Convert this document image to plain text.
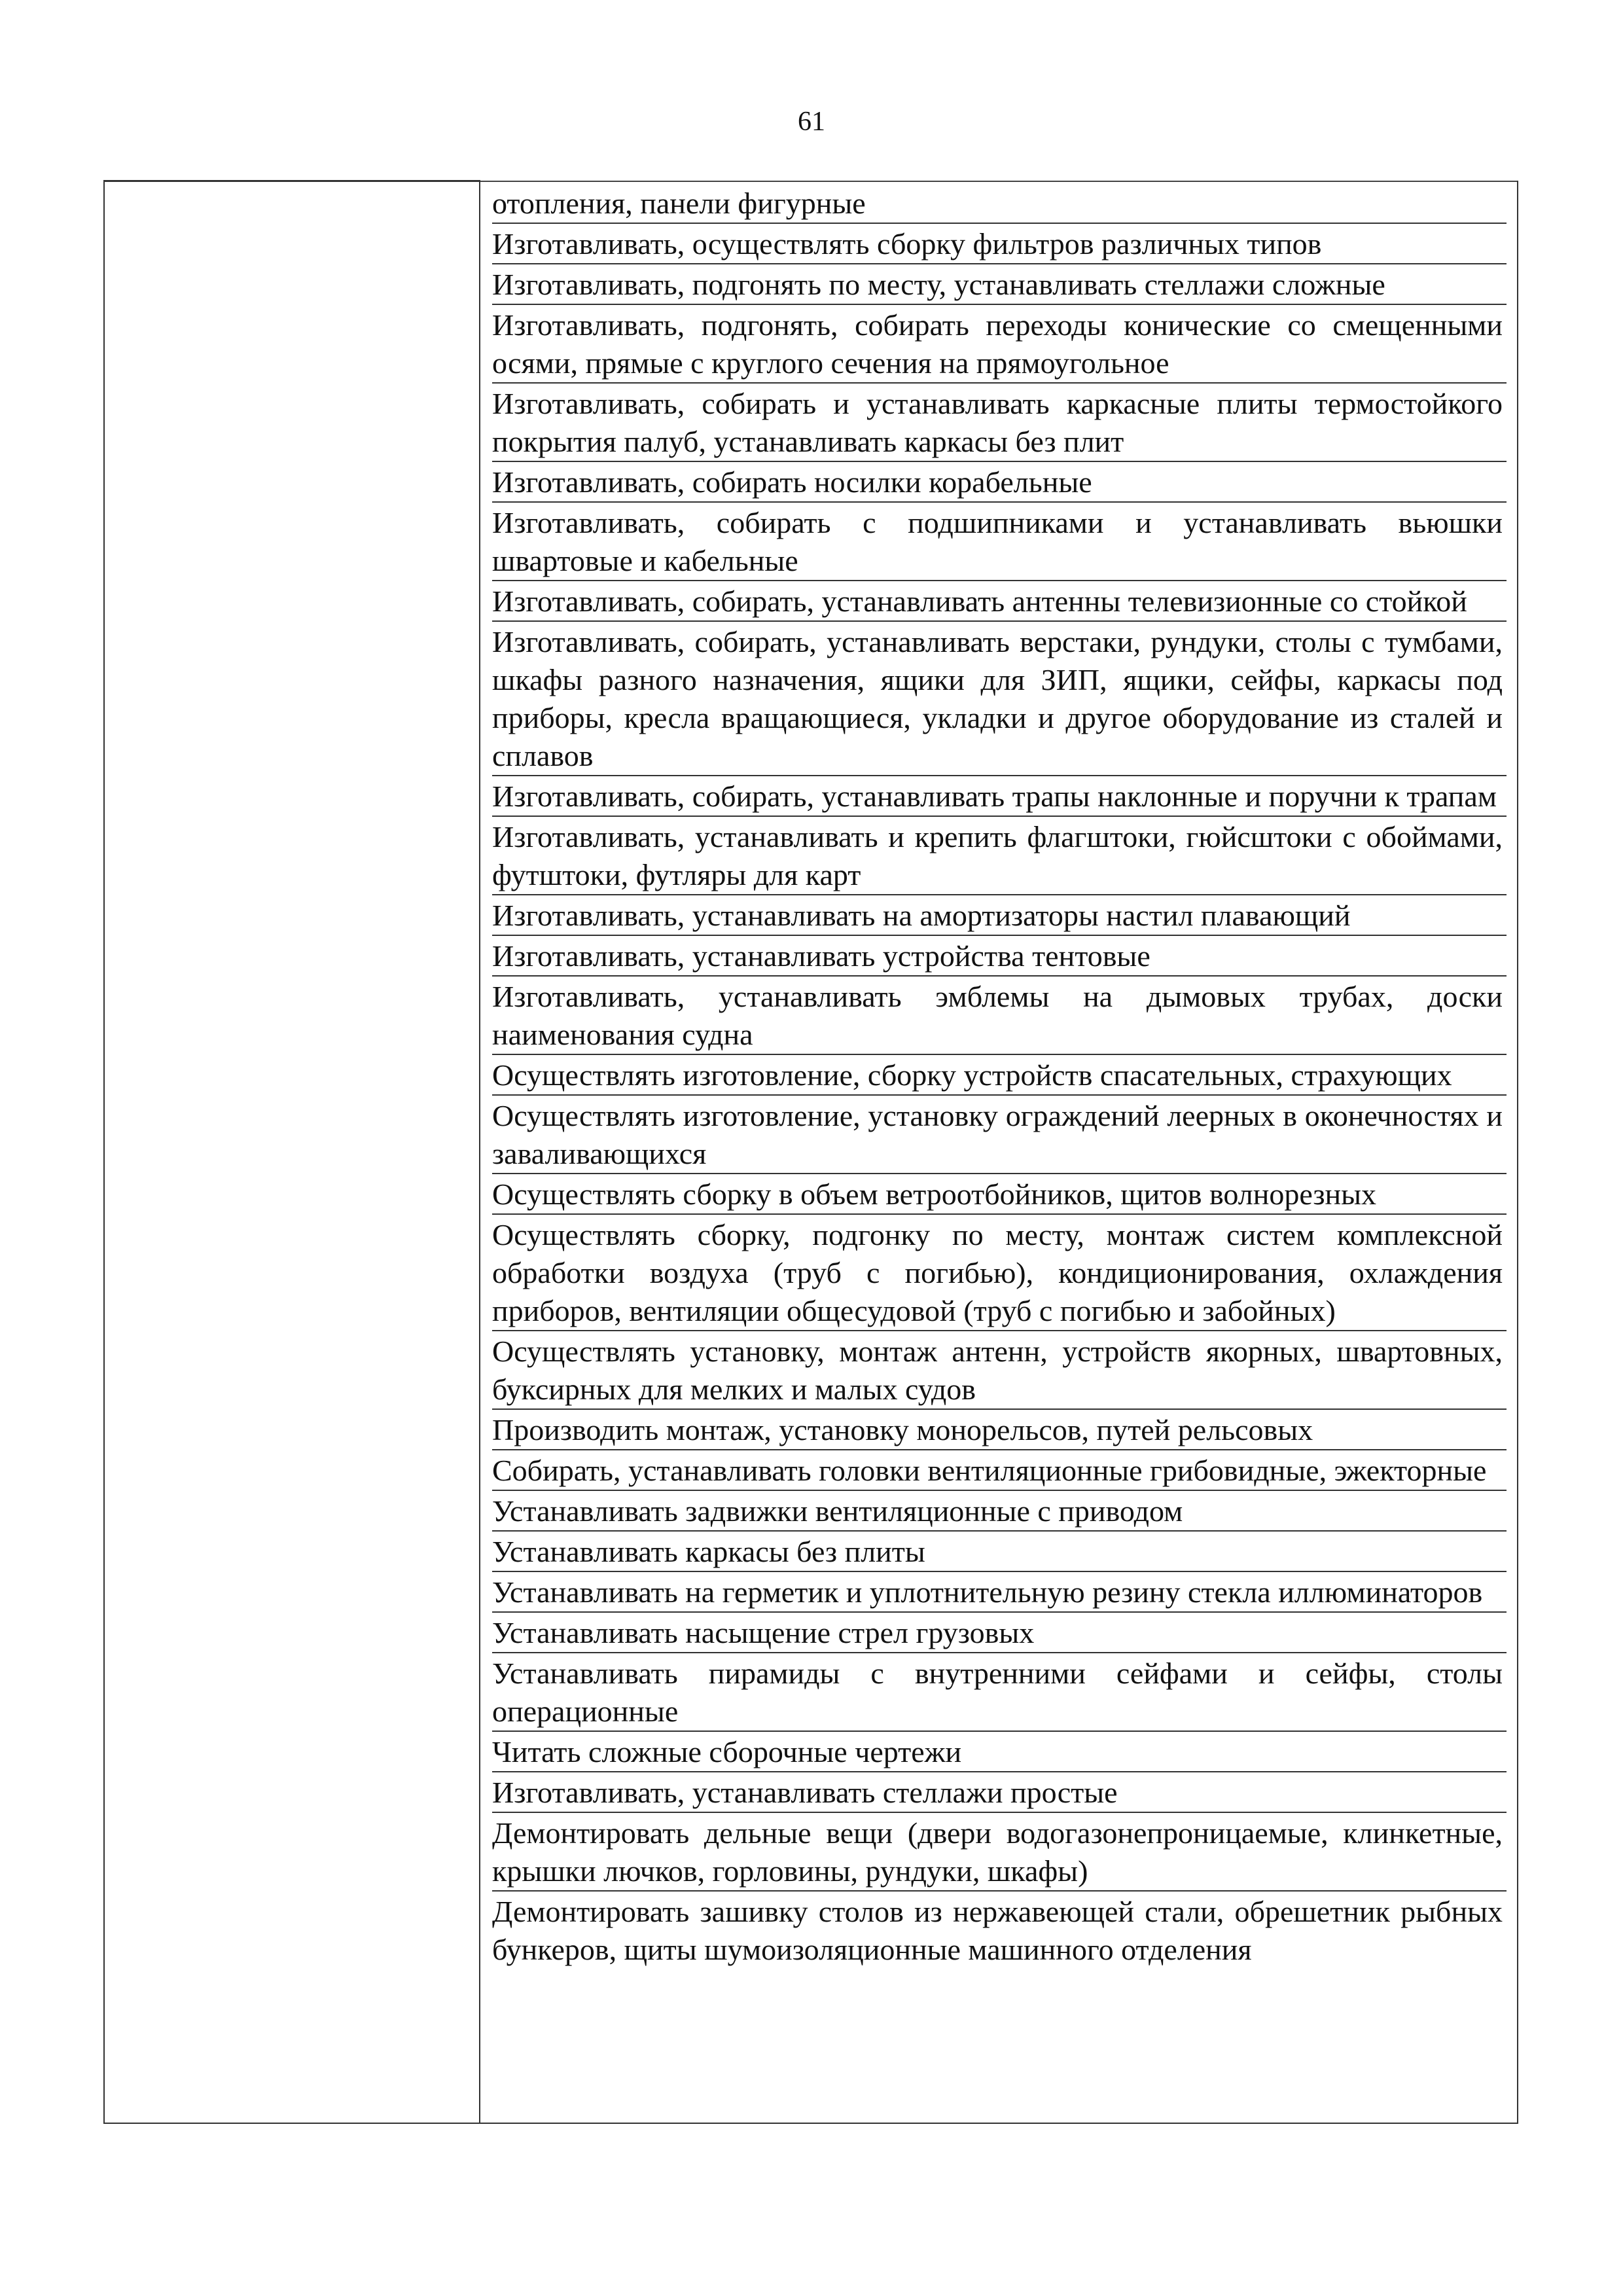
61

отопления, панели фигурные
Изготавливать, осуществлять сборку фильтров различных типов
Изготавливать, подгонять по месту, устанавливать стеллажи сложные
Изготавливать, подгонять, собирать переходы конические со смещенными осями, прямые с круглого сечения на прямоугольное
Изготавливать, собирать и устанавливать каркасные плиты термостойкого покрытия палуб, устанавливать каркасы без плит
Изготавливать, собирать носилки корабельные
Изготавливать, собирать с подшипниками и устанавливать вьюшки швартовые и кабельные
Изготавливать, собирать, устанавливать антенны телевизионные со стойкой
Изготавливать, собирать, устанавливать верстаки, рундуки, столы с тумбами, шкафы разного назначения, ящики для ЗИП, ящики, сейфы, каркасы под приборы, кресла вращающиеся, укладки и другое оборудование из сталей и сплавов
Изготавливать, собирать, устанавливать трапы наклонные и поручни к трапам
Изготавливать, устанавливать и крепить флагштоки, гюйсштоки с обоймами, футштоки, футляры для карт
Изготавливать, устанавливать на амортизаторы настил плавающий
Изготавливать, устанавливать устройства тентовые
Изготавливать, устанавливать эмблемы на дымовых трубах, доски наименования судна
Осуществлять изготовление, сборку устройств спасательных, страхующих
Осуществлять изготовление, установку ограждений леерных в оконечностях и заваливающихся
Осуществлять сборку в объем ветроотбойников, щитов волнорезных
Осуществлять сборку, подгонку по месту, монтаж систем комплексной обработки воздуха (труб с погибью), кондиционирования, охлаждения приборов, вентиляции общесудовой (труб с погибью и забойных)
Осуществлять установку, монтаж антенн, устройств якорных, швартовных, буксирных для мелких и малых судов
Производить монтаж, установку монорельсов, путей рельсовых
Собирать, устанавливать головки вентиляционные грибовидные, эжекторные
Устанавливать задвижки вентиляционные с приводом
Устанавливать каркасы без плиты
Устанавливать на герметик и уплотнительную резину стекла иллюминаторов
Устанавливать насыщение стрел грузовых
Устанавливать пирамиды с внутренними сейфами и сейфы, столы операционные
Читать сложные сборочные чертежи
Изготавливать, устанавливать стеллажи простые
Демонтировать дельные вещи (двери водогазонепроницаемые, клинкетные, крышки лючков, горловины, рундуки, шкафы)
Демонтировать зашивку столов из нержавеющей стали, обрешетник рыбных бункеров, щиты шумоизоляционные машинного отделения
